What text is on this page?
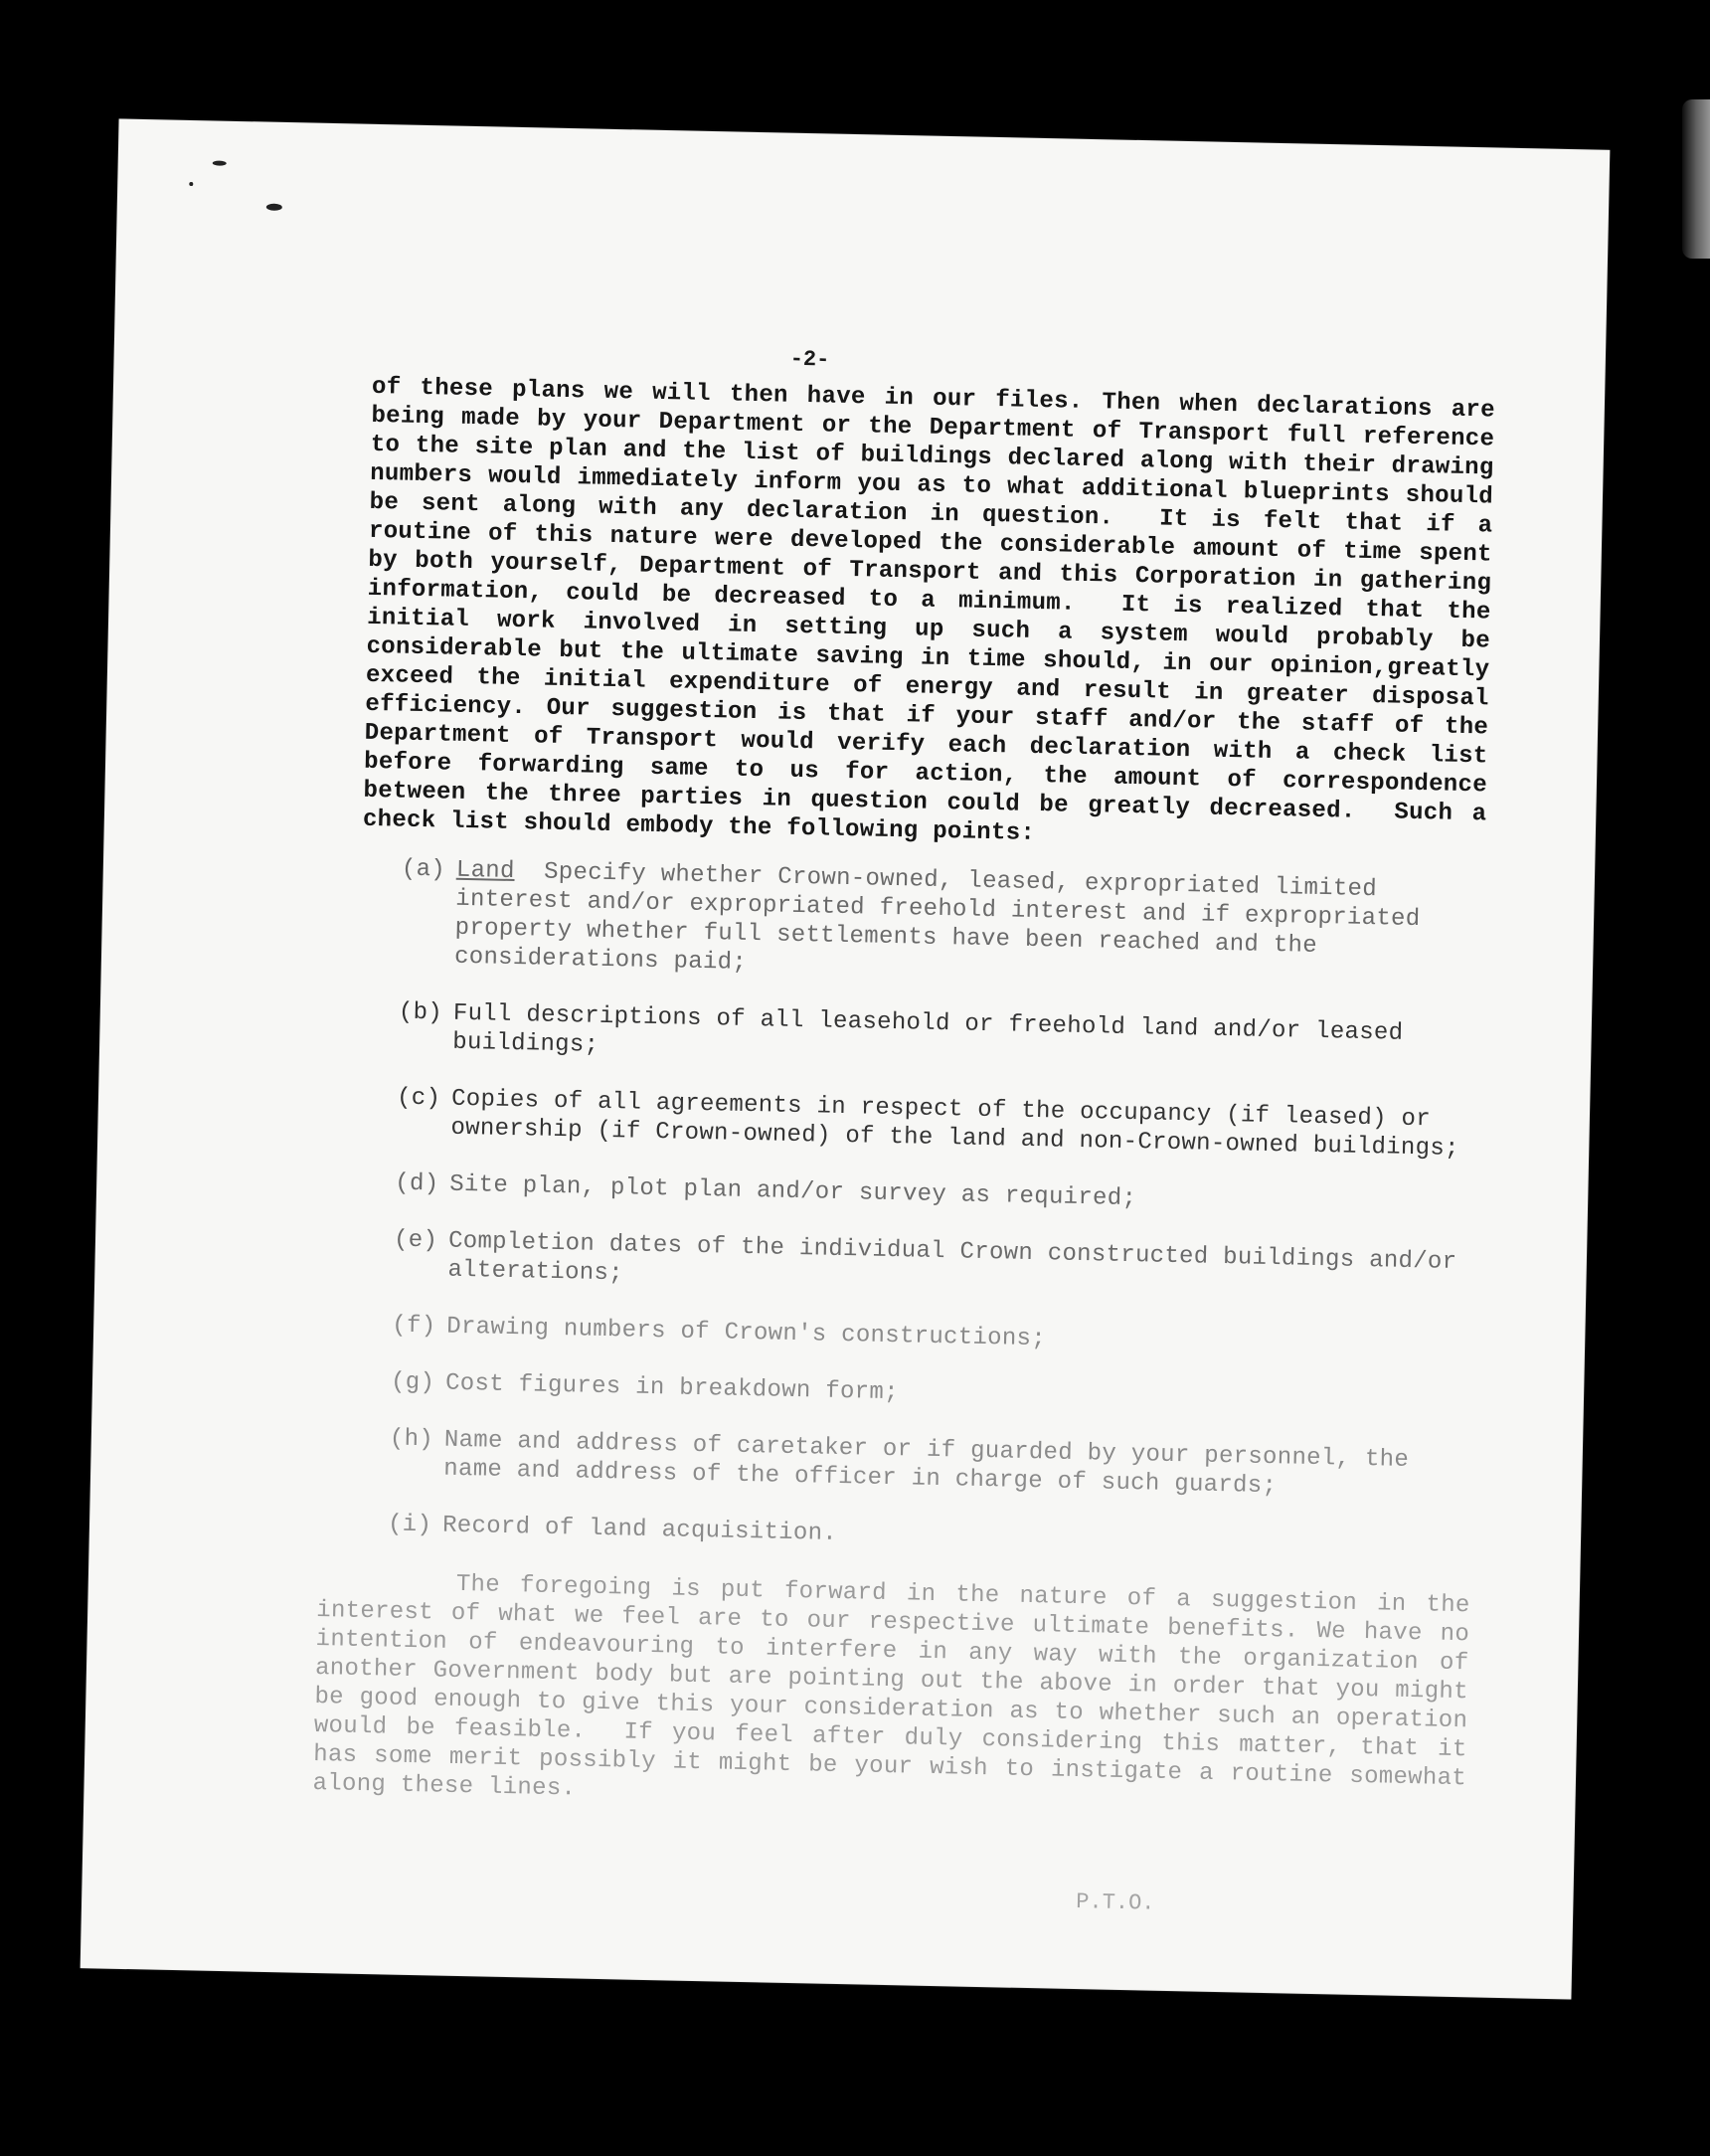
-2-

of these plans we will then have in our files. Then when declarations are being made by your Department or the Department of Transport full reference to the site plan and the list of buildings declared along with their drawing numbers would immediately inform you as to what additional blueprints should be sent along with any declaration in question.  It is felt that if a routine of this nature were developed the considerable amount of time spent by both yourself, Department of Transport and this Corporation in gathering information, could be decreased to a minimum.  It is realized that the initial work involved in setting up such a system would probably be considerable but the ultimate saving in time should, in our opinion,greatly exceed the initial expenditure of energy and result in greater disposal efficiency. Our suggestion is that if your staff and/or the staff of the Department of Transport would verify each declaration with a check list before forwarding same to us for action, the amount of correspondence between the three parties in question could be greatly decreased.  Such a check list should embody the following points:

(a) Land  Specify whether Crown-owned, leased, expropriated limited interest and/or expropriated freehold interest and if expropriated property whether full settlements have been reached and the considerations paid;
(b) Full descriptions of all leasehold or freehold land and/or leased buildings;
(c) Copies of all agreements in respect of the occupancy (if leased) or ownership (if Crown-owned) of the land and non-Crown-owned buildings;
(d) Site plan, plot plan and/or survey as required;
(e) Completion dates of the individual Crown constructed buildings and/or alterations;
(f) Drawing numbers of Crown's constructions;
(g) Cost figures in breakdown form;
(h) Name and address of caretaker or if guarded by your personnel, the name and address of the officer in charge of such guards;
(i) Record of land acquisition.

The foregoing is put forward in the nature of a suggestion in the interest of what we feel are to our respective ultimate benefits. We have no intention of endeavouring to interfere in any way with the organization of another Government body but are pointing out the above in order that you might be good enough to give this your consideration as to whether such an operation would be feasible.  If you feel after duly considering this matter, that it has some merit possibly it might be your wish to instigate a routine somewhat along these lines.

P.T.O.
